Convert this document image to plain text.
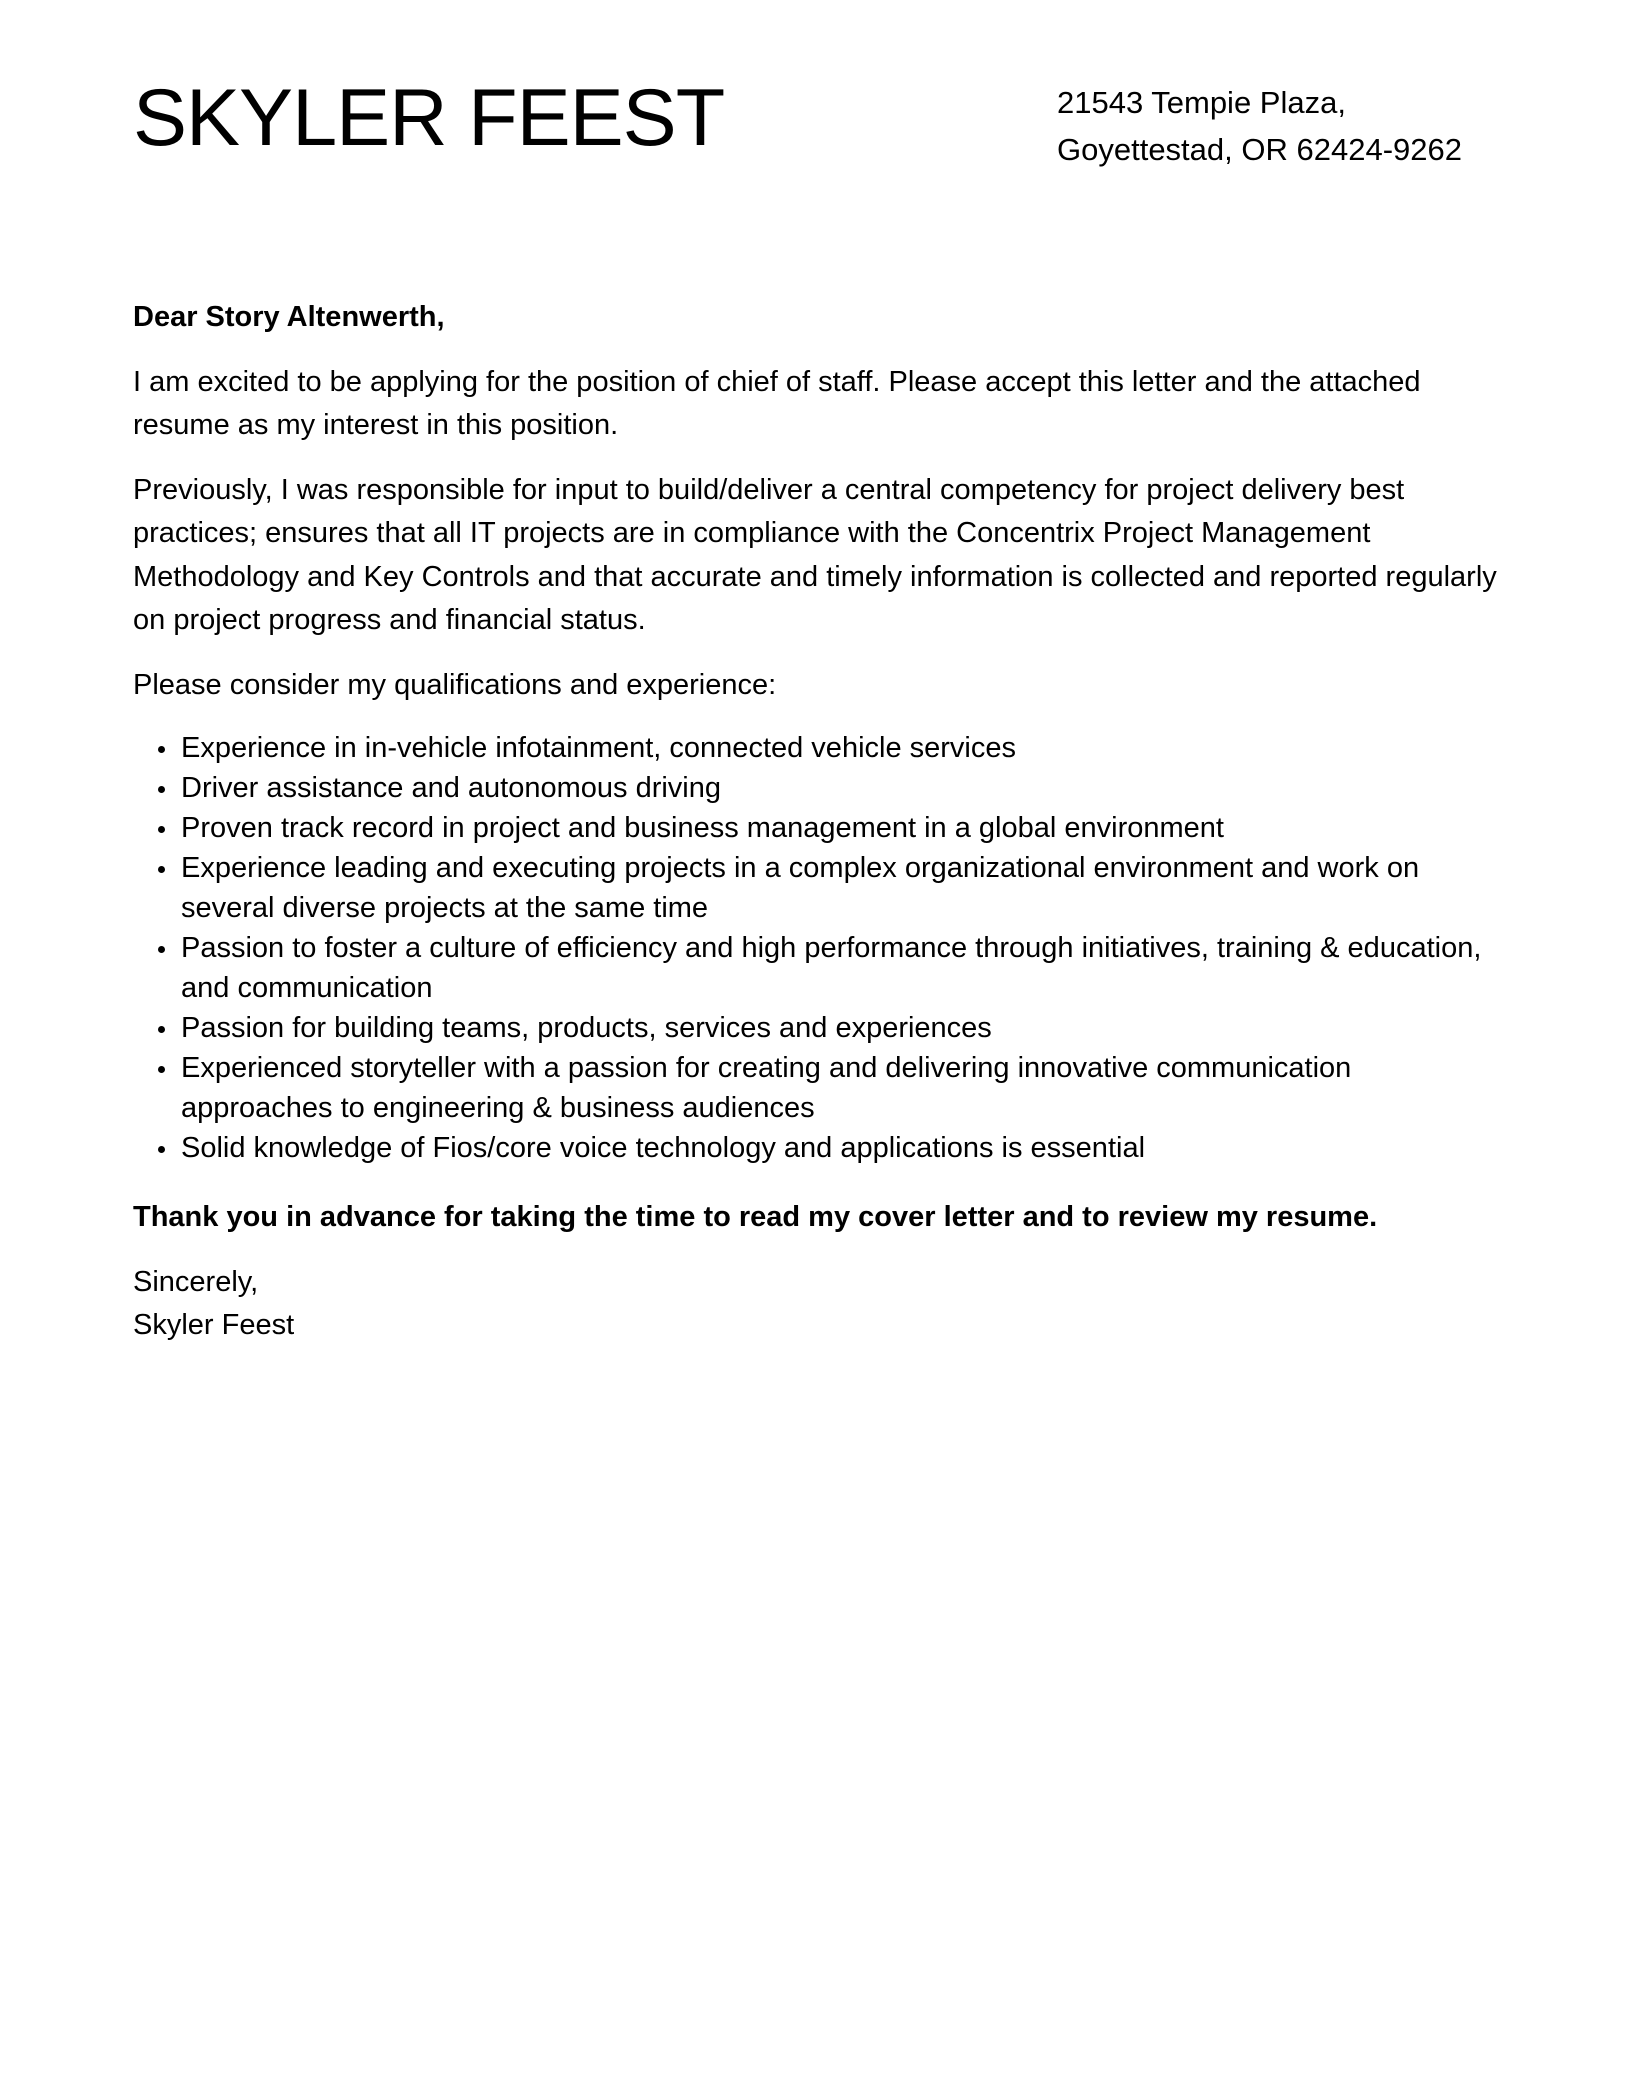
SKYLER FEEST	21543 Tempie Plaza,
Goyettestad, OR 62424-9262

Dear Story Altenwerth,

I am excited to be applying for the position of chief of staff. Please accept this letter and the attached resume as my interest in this position.

Previously, I was responsible for input to build/deliver a central competency for project delivery best practices; ensures that all IT projects are in compliance with the Concentrix Project Management Methodology and Key Controls and that accurate and timely information is collected and reported regularly on project progress and financial status.

Please consider my qualifications and experience:

Experience in in-vehicle infotainment, connected vehicle services
Driver assistance and autonomous driving
Proven track record in project and business management in a global environment
Experience leading and executing projects in a complex organizational environment and work on several diverse projects at the same time
Passion to foster a culture of efficiency and high performance through initiatives, training & education, and communication
Passion for building teams, products, services and experiences
Experienced storyteller with a passion for creating and delivering innovative communication approaches to engineering & business audiences
Solid knowledge of Fios/core voice technology and applications is essential

Thank you in advance for taking the time to read my cover letter and to review my resume.

Sincerely,
Skyler Feest
